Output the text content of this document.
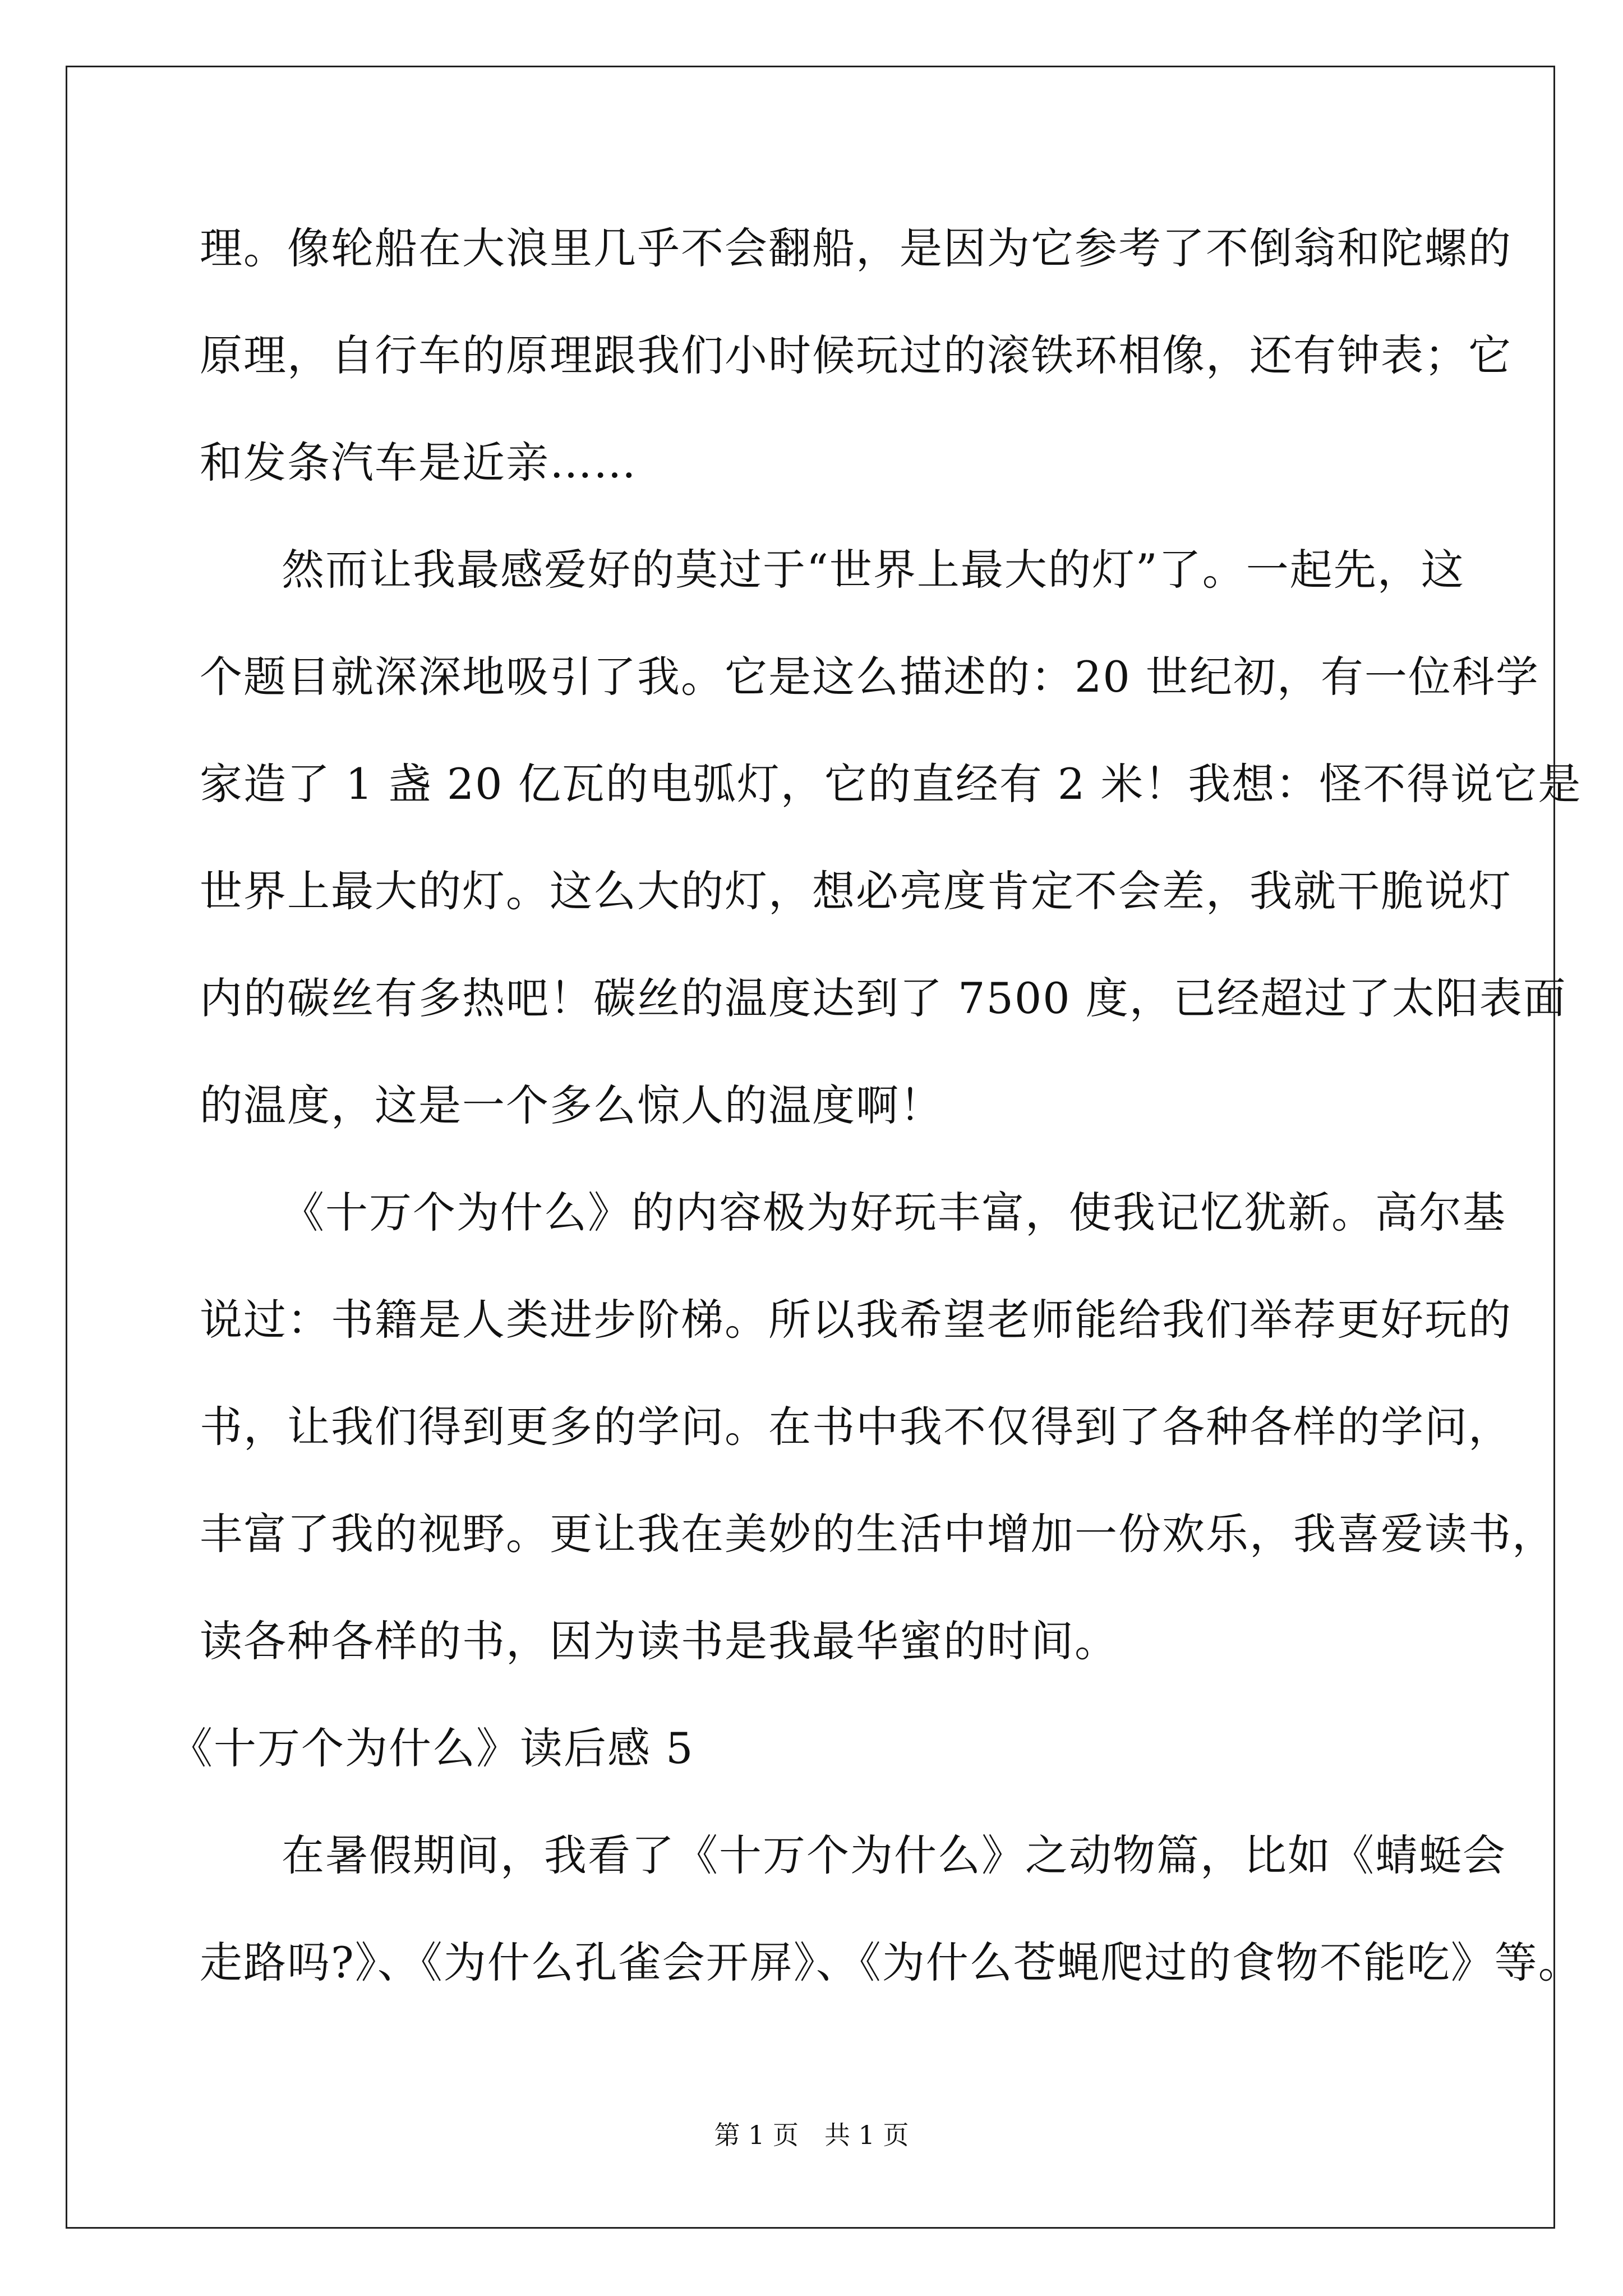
理。像轮船在大浪里几乎不会翻船，是因为它参考了不倒翁和陀螺的
原理，自行车的原理跟我们小时候玩过的滚铁环相像，还有钟表；它
和发条汽车是近亲……
然而让我最感爱好的莫过于“世界上最大的灯”了。一起先，这
个题目就深深地吸引了我。它是这么描述的：20 世纪初，有一位科学
家造了 1 盏 20 亿瓦的电弧灯，它的直经有 2 米！我想：怪不得说它是
世界上最大的灯。这么大的灯，想必亮度肯定不会差，我就干脆说灯
内的碳丝有多热吧！碳丝的温度达到了 7500 度，已经超过了太阳表面
的温度，这是一个多么惊人的温度啊！
《十万个为什么》的内容极为好玩丰富，使我记忆犹新。高尔基
说过：书籍是人类进步阶梯。所以我希望老师能给我们举荐更好玩的
书，让我们得到更多的学问。在书中我不仅得到了各种各样的学问，
丰富了我的视野。更让我在美妙的生活中增加一份欢乐，我喜爱读书，
读各种各样的书，因为读书是我最华蜜的时间。
《十万个为什么》读后感 5
在暑假期间，我看了《十万个为什么》之动物篇，比如《蜻蜓会
走路吗?》、《为什么孔雀会开屏》、《为什么苍蝇爬过的食物不能吃》等。
第 1 页　共 1 页
